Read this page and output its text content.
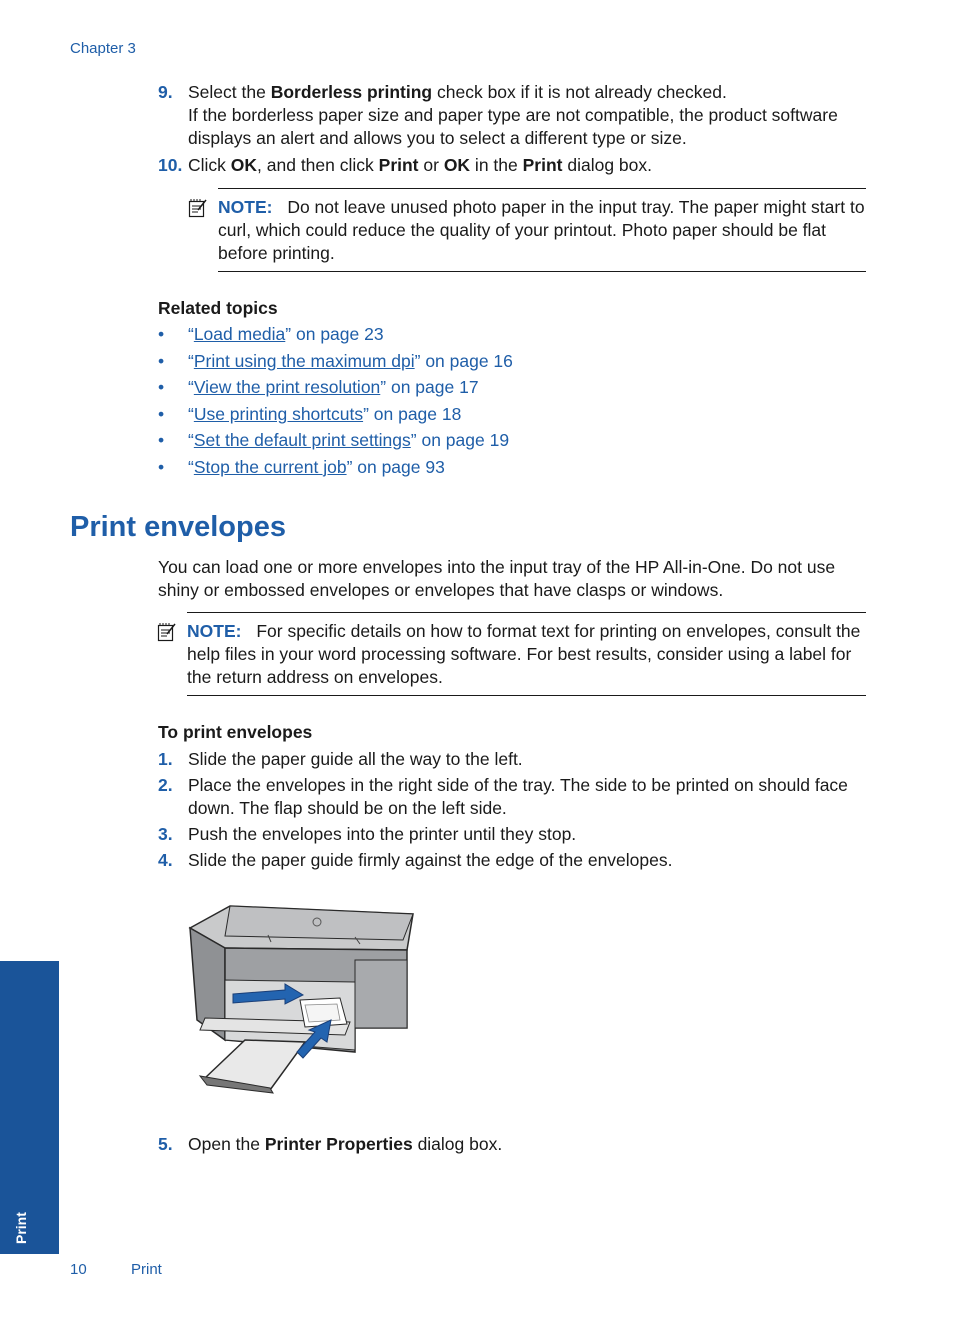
Chapter 3
9. Select the Borderless printing check box if it is not already checked.
If the borderless paper size and paper type are not compatible, the product software displays an alert and allows you to select a different type or size.
10. Click OK, and then click Print or OK in the Print dialog box.
NOTE: Do not leave unused photo paper in the input tray. The paper might start to curl, which could reduce the quality of your printout. Photo paper should be flat before printing.
Related topics
• “Load media” on page 23
• “Print using the maximum dpi” on page 16
• “View the print resolution” on page 17
• “Use printing shortcuts” on page 18
• “Set the default print settings” on page 19
• “Stop the current job” on page 93
Print envelopes
You can load one or more envelopes into the input tray of the HP All-in-One. Do not use shiny or embossed envelopes or envelopes that have clasps or windows.
NOTE: For specific details on how to format text for printing on envelopes, consult the help files in your word processing software. For best results, consider using a label for the return address on envelopes.
To print envelopes
1. Slide the paper guide all the way to the left.
2. Place the envelopes in the right side of the tray. The side to be printed on should face down. The flap should be on the left side.
3. Push the envelopes into the printer until they stop.
4. Slide the paper guide firmly against the edge of the envelopes.
5. Open the Printer Properties dialog box.
Print
10	Print
